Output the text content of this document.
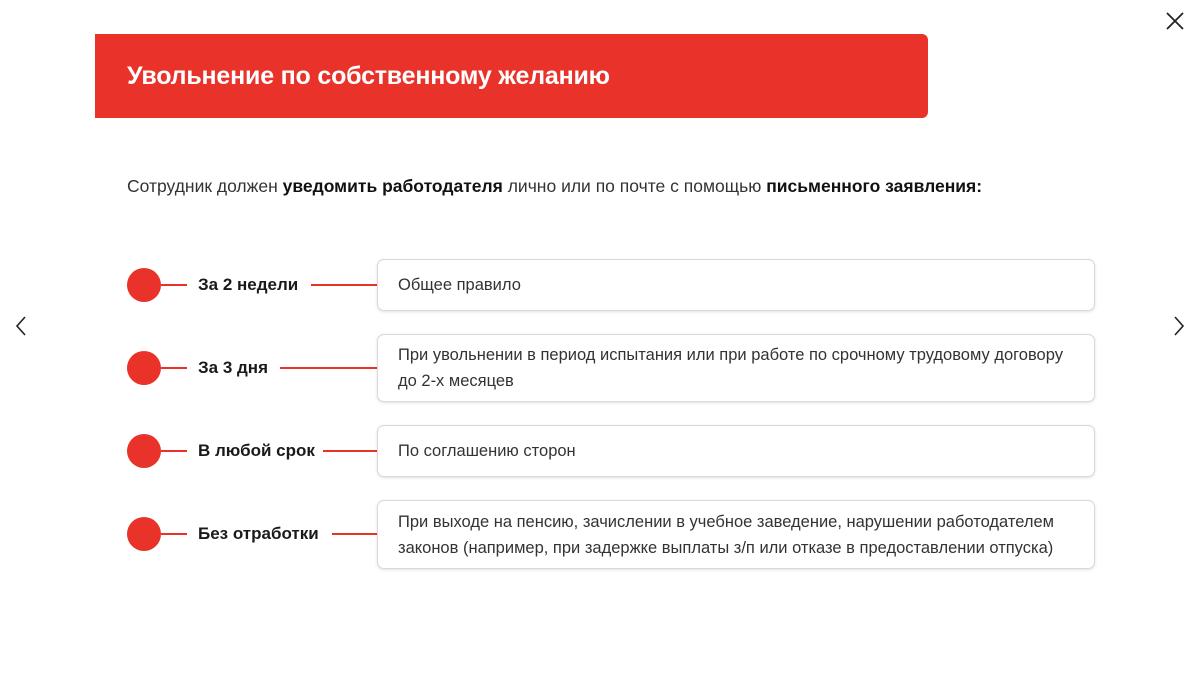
Увольнение по собственному желанию
Сотрудник должен уведомить работодателя лично или по почте с помощью письменного заявления:
За 2 недели	Общее правило
За 3 дня
При увольнении в период испытания или при работе по срочному трудовому договору до 2-х месяцев
В любой срок	По соглашению сторон
Без отработки
При выходе на пенсию, зачислении в учебное заведение, нарушении работодателем законов (например, при задержке выплаты з/п или отказе в предоставлении отпуска)
